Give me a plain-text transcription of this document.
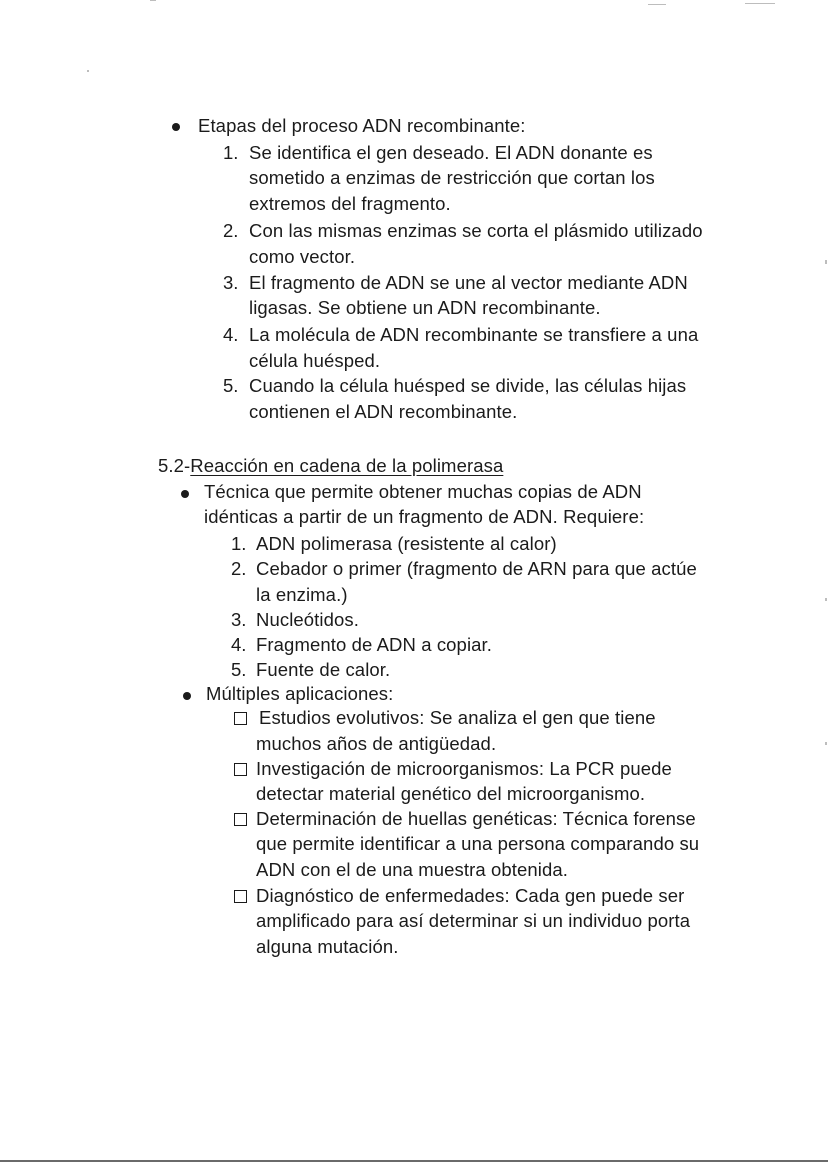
Etapas del proceso ADN recombinante:
1. Se identifica el gen deseado. El ADN donante es
sometido a enzimas de restricción que cortan los
extremos del fragmento.
2. Con las mismas enzimas se corta el plásmido utilizado
como vector.
3. El fragmento de ADN se une al vector mediante ADN
ligasas. Se obtiene un ADN recombinante.
4. La molécula de ADN recombinante se transfiere a una
célula huésped.
5. Cuando la célula huésped se divide, las células hijas
contienen el ADN recombinante.
5.2-Reacción en cadena de la polimerasa
Técnica que permite obtener muchas copias de ADN
idénticas a partir de un fragmento de ADN. Requiere:
1. ADN polimerasa (resistente al calor)
2. Cebador o primer (fragmento de ARN para que actúe
la enzima.)
3. Nucleótidos.
4. Fragmento de ADN a copiar.
5. Fuente de calor.
Múltiples aplicaciones:
Estudios evolutivos: Se analiza el gen que tiene
muchos años de antigüedad.
Investigación de microorganismos: La PCR puede
detectar material genético del microorganismo.
Determinación de huellas genéticas: Técnica forense
que permite identificar a una persona comparando su
ADN con el de una muestra obtenida.
Diagnóstico de enfermedades: Cada gen puede ser
amplificado para así determinar si un individuo porta
alguna mutación.
